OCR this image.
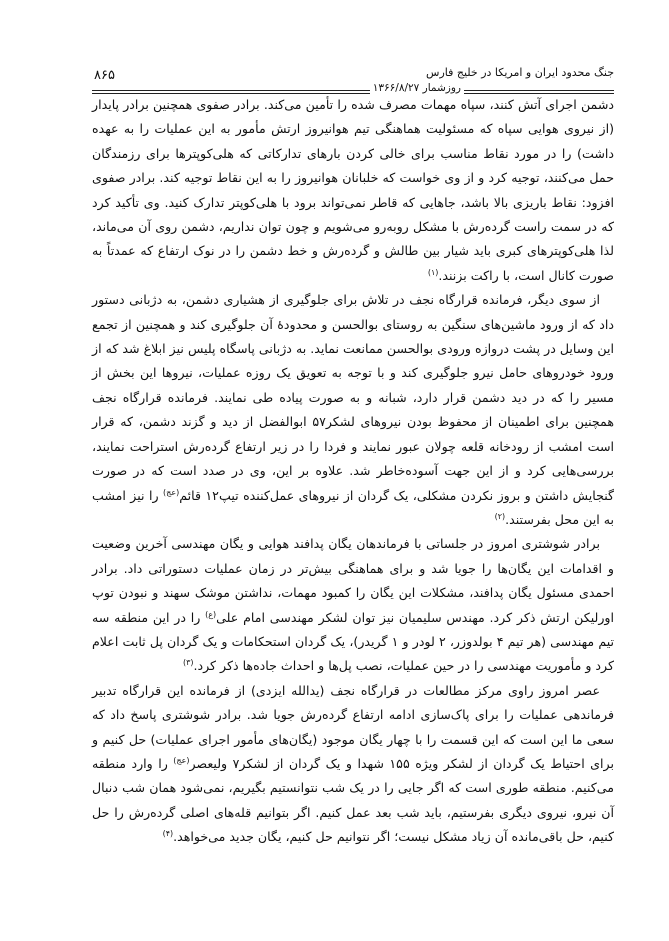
جنگ محدود ایران و امریکا در خلیج فارس
روزشمار ۱۳۶۶/۸/۲۷
۸۶۵

دشمن اجرای آتش کنند، سپاه مهمات مصرف شده را تأمین می‌کند. برادر صفوی همچنین برادر پایدار (از نیروی هوایی سپاه که مسئولیت هماهنگی تیم هوانیروز ارتش مأمور به این عملیات را به عهده داشت) را در مورد نقاط مناسب برای خالی کردن بارهای تدارکاتی که هلی‌کوپترها برای رزمندگان حمل می‌کنند، توجیه کرد و از وی خواست که خلبانان هوانیروز را به این نقاط توجیه کند. برادر صفوی افزود: نقاط باریزی بالا باشد، جاهایی که قاطر نمی‌تواند برود با هلی‌کوپتر تدارک کنید. وی تأکید کرد که در سمت راست گرده‌رش با مشکل روبه‌رو می‌شویم و چون توان نداریم، دشمن روی آن می‌ماند، لذا هلی‌کوپترهای کبری باید شیار بین طالش و گرده‌رش و خط دشمن را در نوک ارتفاع که عمدتاً به صورت کانال است، با راکت بزنند.$^{(۱)}$

از سوی دیگر، فرمانده قرارگاه نجف در تلاش برای جلوگیری از هشیاری دشمن، به دژبانی دستور داد که از ورود ماشین‌های سنگین به روستای بوالحسن و محدودهٔ آن جلوگیری کند و همچنین از تجمع این وسایل در پشت دروازه ورودی بوالحسن ممانعت نماید. به دژبانی پاسگاه پلیس نیز ابلاغ شد که از ورود خودروهای حامل نیرو جلوگیری کند و با توجه به تعویق یک روزه عملیات، نیروها این بخش از مسیر را که در دید دشمن قرار دارد، شبانه و به صورت پیاده طی نمایند. فرمانده قرارگاه نجف همچنین برای اطمینان از محفوظ بودن نیروهای لشکر۵۷ ابوالفضل از دید و گزند دشمن، که قرار است امشب از رودخانه قلعه چولان عبور نمایند و فردا را در زیر ارتفاع گرده‌رش استراحت نمایند، بررسی‌هایی کرد و از این جهت آسوده‌خاطر شد. علاوه بر این، وی در صدد است که در صورت گنجایش داشتن و بروز نکردن مشکلی، یک گردان از نیروهای عمل‌کننده تیپ۱۲ قائم$^{(عج)}$ را نیز امشب به این محل بفرستند.$^{(۲)}$

برادر شوشتری امروز در جلساتی با فرماندهان یگان پدافند هوایی و یگان مهندسی آخرین وضعیت و اقدامات این یگان‌ها را جویا شد و برای هماهنگی بیش‌تر در زمان عملیات دستوراتی داد. برادر احمدی مسئول یگان پدافند، مشکلات این یگان را کمبود مهمات، نداشتن موشک سهند و نبودن توپ اورلیکن ارتش ذکر کرد. مهندس سلیمیان نیز توان لشکر مهندسی امام علی$^{(ع)}$ را در این منطقه سه تیم مهندسی (هر تیم ۴ بولدوزر، ۲ لودر و ۱ گریدر)، یک گردان استحکامات و یک گردان پل ثابت اعلام کرد و مأموریت مهندسی را در حین عملیات، نصب پل‌ها و احداث جاده‌ها ذکر کرد.$^{(۳)}$

عصر امروز راوی مرکز مطالعات در قرارگاه نجف (یدالله ایزدی) از فرمانده این قرارگاه تدبیر فرماندهی عملیات را برای پاک‌سازی ادامه ارتفاع گرده‌رش جویا شد. برادر شوشتری پاسخ داد که سعی ما این است که این قسمت را با چهار یگان موجود (یگان‌های مأمور اجرای عملیات) حل کنیم و برای احتیاط یک گردان از لشکر ویژه ۱۵۵ شهدا و یک گردان از لشکر۷ ولیعصر$^{(عج)}$ را وارد منطقه می‌کنیم. منطقه طوری است که اگر جایی را در یک شب نتوانستیم بگیریم، نمی‌شود همان شب دنبال آن نیرو، نیروی دیگری بفرستیم، باید شب بعد عمل کنیم. اگر بتوانیم قله‌های اصلی گرده‌رش را حل کنیم، حل باقی‌مانده آن زیاد مشکل نیست؛ اگر نتوانیم حل کنیم، یگان جدید می‌خواهد.$^{(۴)}$
